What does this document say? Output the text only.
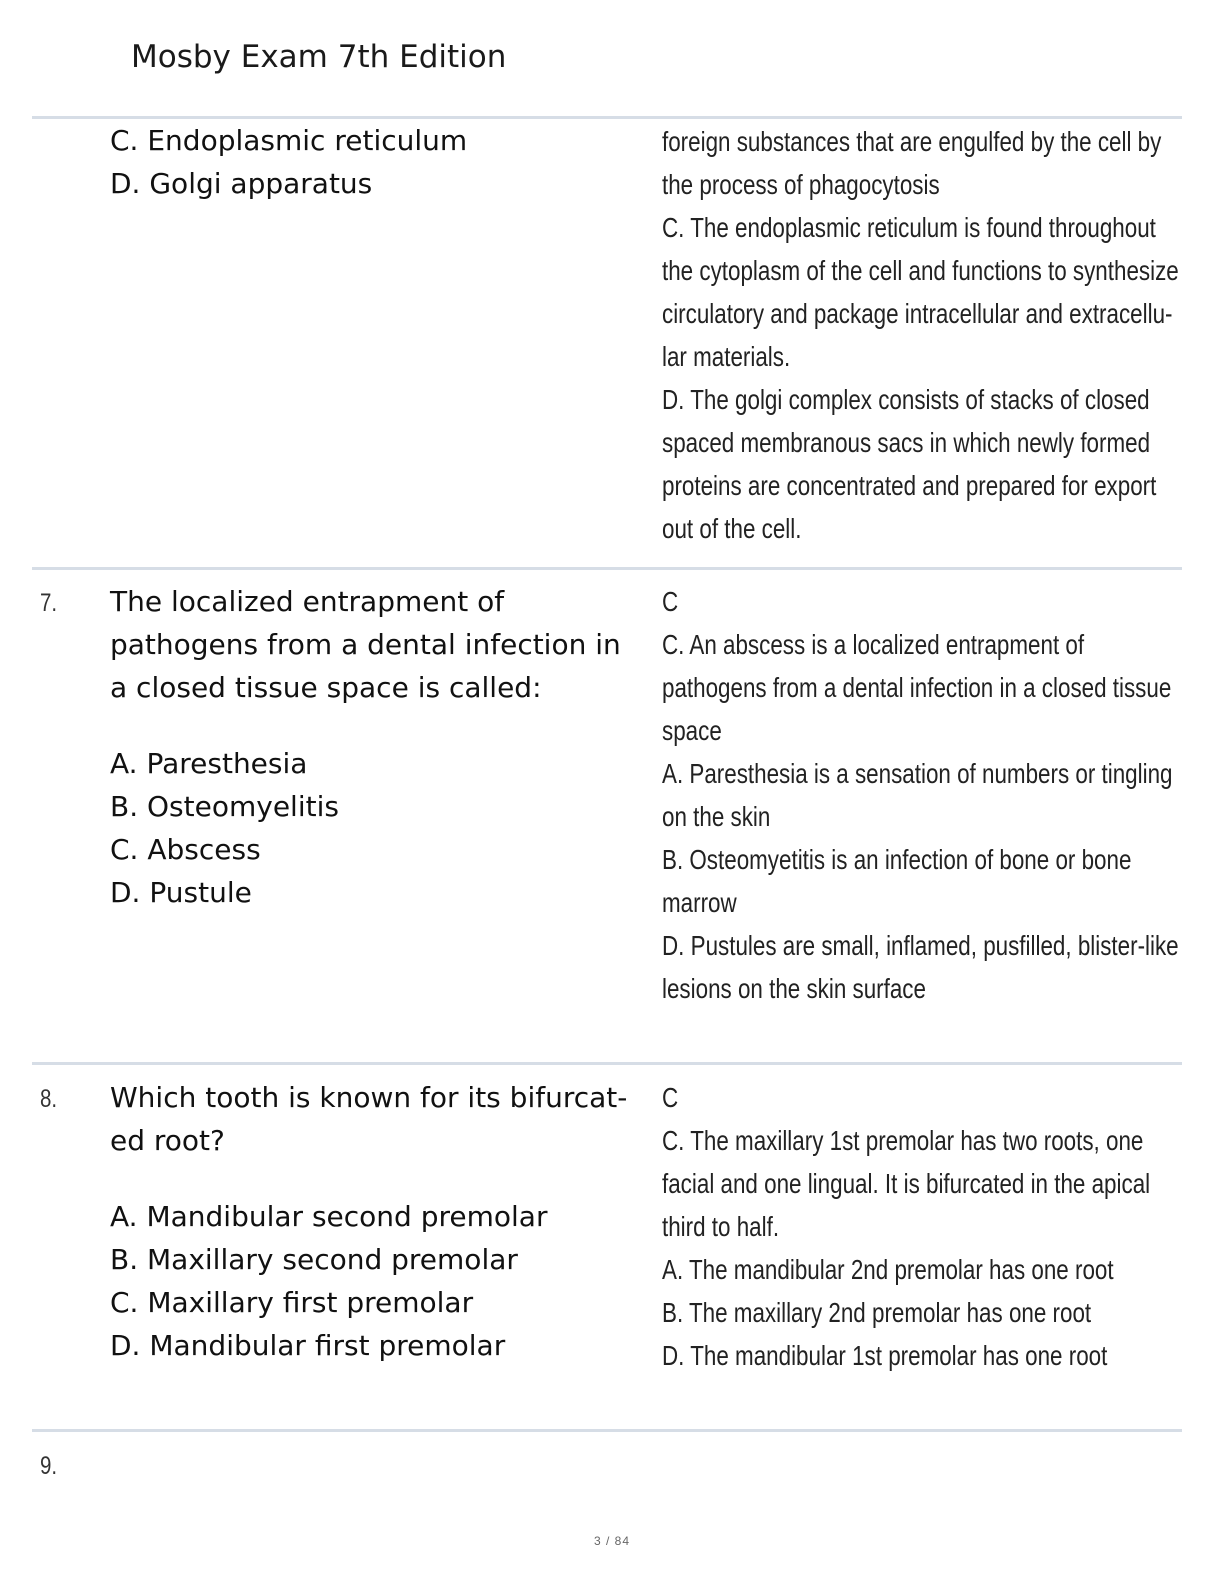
Mosby Exam 7th Edition

C. Endoplasmic reticulum

D. Golgi apparatus

foreign substances that are engulfed by the cell by

the process of phagocytosis

C. The endoplasmic reticulum is found throughout

the cytoplasm of the cell and functions to synthesize

circulatory and package intracellular and extracellu-

lar materials.

D. The golgi complex consists of stacks of closed

spaced membranous sacs in which newly formed

proteins are concentrated and prepared for export

out of the cell.

7. The localized entrapment of

pathogens from a dental infection in

a closed tissue space is called:

A. Paresthesia

B. Osteomyelitis

C. Abscess

D. Pustule

C

C. An abscess is a localized entrapment of

pathogens from a dental infection in a closed tissue

space

A. Paresthesia is a sensation of numbers or tingling

on the skin

B. Osteomyetitis is an infection of bone or bone

marrow

D. Pustules are small, inflamed, pusfilled, blister-like

lesions on the skin surface

8. Which tooth is known for its bifurcat-

ed root?

A. Mandibular second premolar

B. Maxillary second premolar

C. Maxillary first premolar

D. Mandibular first premolar

C

C. The maxillary 1st premolar has two roots, one

facial and one lingual. It is bifurcated in the apical

third to half.

A. The mandibular 2nd premolar has one root

B. The maxillary 2nd premolar has one root

D. The mandibular 1st premolar has one root

9.
3 / 84
